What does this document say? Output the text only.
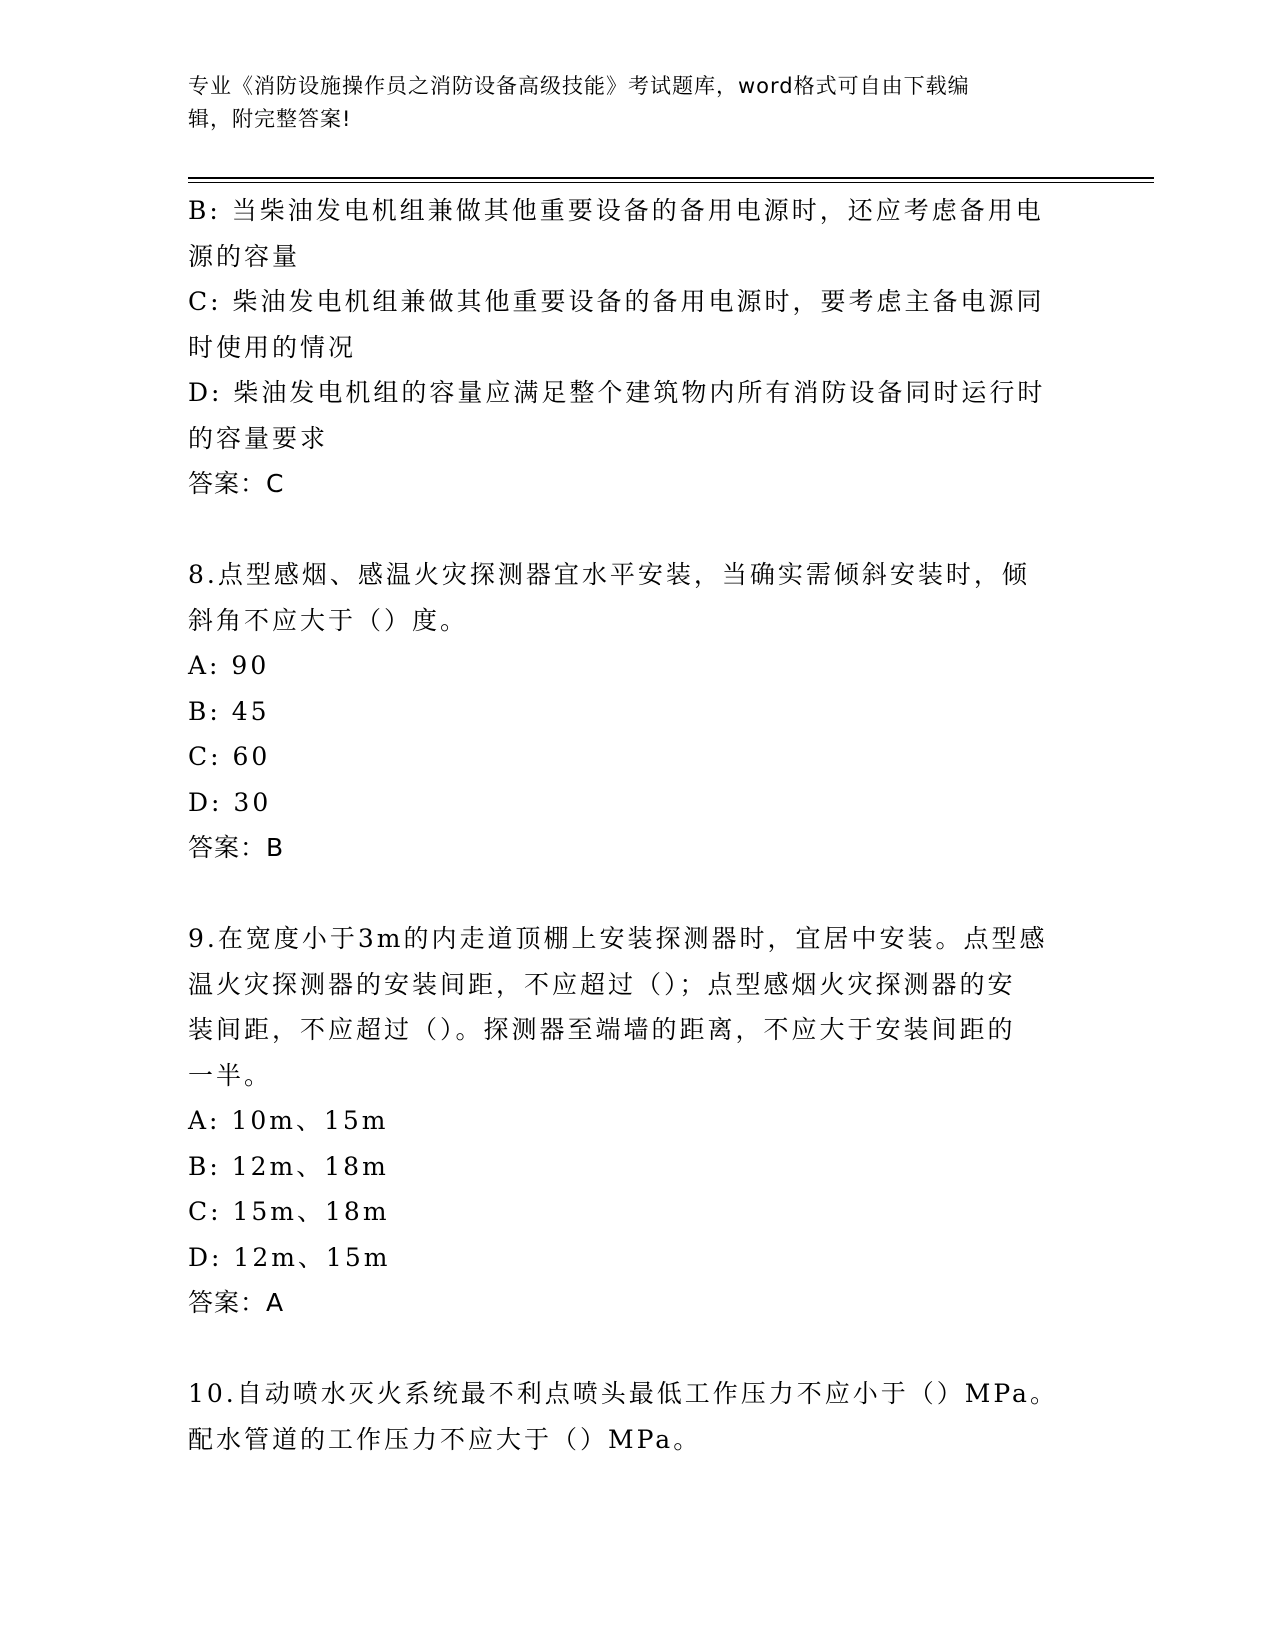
专业《消防设施操作员之消防设备高级技能》考试题库，word格式可自由下载编
辑，附完整答案!
B: 当柴油发电机组兼做其他重要设备的备用电源时，还应考虑备用电
源的容量
C: 柴油发电机组兼做其他重要设备的备用电源时，要考虑主备电源同
时使用的情况
D: 柴油发电机组的容量应满足整个建筑物内所有消防设备同时运行时
的容量要求
答案：C
8.点型感烟、感温火灾探测器宜水平安装，当确实需倾斜安装时，倾
斜角不应大于（）度。
A: 90
B: 45
C: 60
D: 30
答案：B
9.在宽度小于3m的内走道顶棚上安装探测器时，宜居中安装。点型感
温火灾探测器的安装间距，不应超过（）；点型感烟火灾探测器的安
装间距，不应超过（）。探测器至端墙的距离，不应大于安装间距的
一半。
A: 10m、15m
B: 12m、18m
C: 15m、18m
D: 12m、15m
答案：A
10.自动喷水灭火系统最不利点喷头最低工作压力不应小于（）MPa。
配水管道的工作压力不应大于（）MPa。
